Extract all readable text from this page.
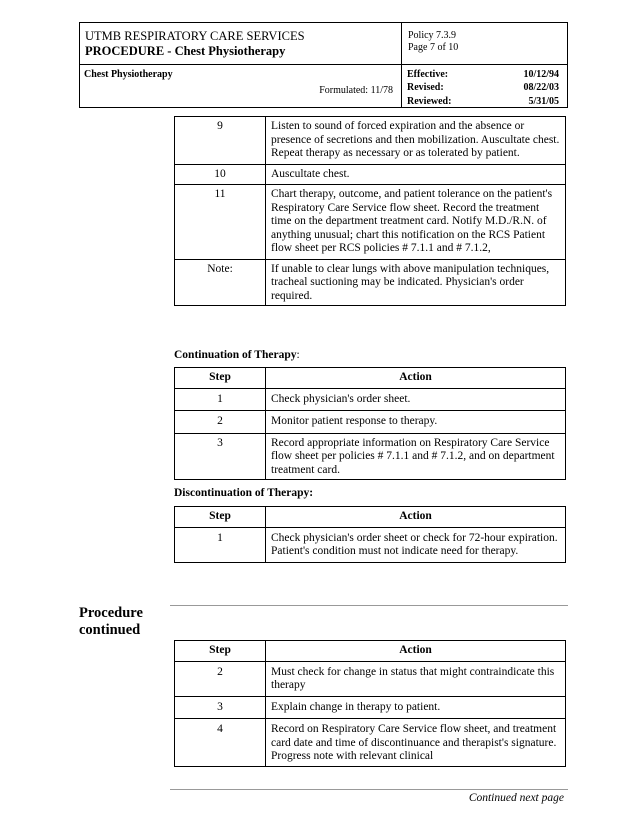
UTMB RESPIRATORY CARE SERVICES
PROCEDURE - Chest Physiotherapy
Policy 7.3.9
Page 7 of 10
Chest Physiotherapy
Formulated: 11/78
Effective:	10/12/94
Revised:	08/22/03
Reviewed:	5/31/05
9	Listen to sound of forced expiration and the absence or presence of secretions and then mobilization. Auscultate chest. Repeat therapy as necessary or as tolerated by patient.
10	Auscultate chest.
11	Chart therapy, outcome, and patient tolerance on the patient's Respiratory Care Service flow sheet. Record the treatment time on the department treatment card. Notify M.D./R.N. of anything unusual; chart this notification on the RCS Patient flow sheet per RCS policies # 7.1.1 and # 7.1.2,
Note:	If unable to clear lungs with above manipulation techniques, tracheal suctioning may be indicated. Physician's order required.
Continuation of Therapy:
Step	Action
1	Check physician's order sheet.
2	Monitor patient response to therapy.
3	Record appropriate information on Respiratory Care Service flow sheet per policies # 7.1.1 and # 7.1.2, and on department treatment card.
Discontinuation of Therapy:
Step	Action
1	Check physician's order sheet or check for 72-hour expiration. Patient's condition must not indicate need for therapy.
Procedure
continued
Step	Action
2	Must check for change in status that might contraindicate this therapy
3	Explain change in therapy to patient.
4	Record on Respiratory Care Service flow sheet, and treatment card date and time of discontinuance and therapist's signature. Progress note with relevant clinical
Continued next page
